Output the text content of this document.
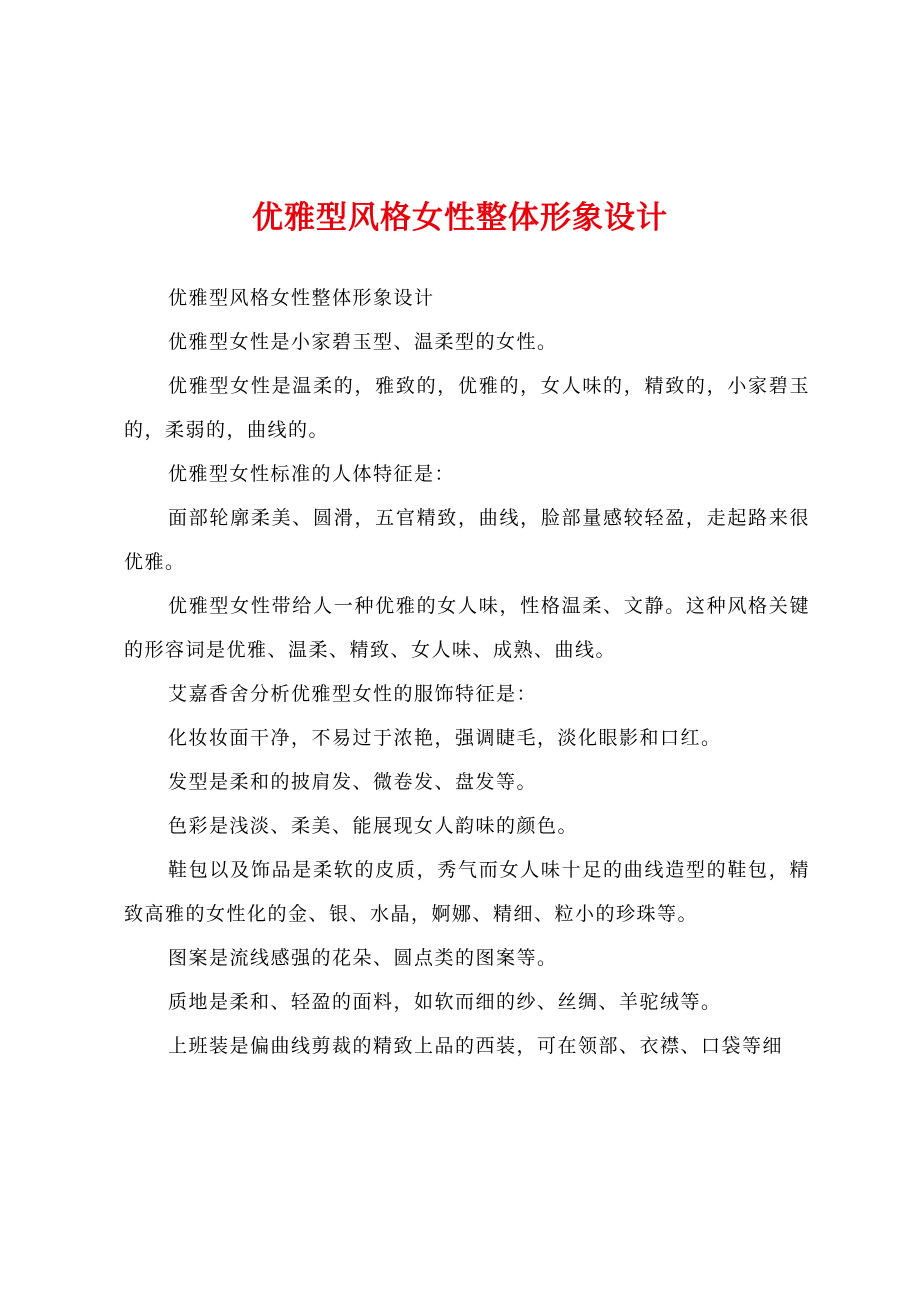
优雅型风格女性整体形象设计

优雅型风格女性整体形象设计

优雅型女性是小家碧玉型、温柔型的女性。

优雅型女性是温柔的，雅致的，优雅的，女人味的，精致的，小家碧玉的，柔弱的，曲线的。

优雅型女性标准的人体特征是：

面部轮廓柔美、圆滑，五官精致，曲线，脸部量感较轻盈，走起路来很优雅。

优雅型女性带给人一种优雅的女人味，性格温柔、文静。这种风格关键的形容词是优雅、温柔、精致、女人味、成熟、曲线。

艾嘉香舍分析优雅型女性的服饰特征是：

化妆妆面干净，不易过于浓艳，强调睫毛，淡化眼影和口红。

发型是柔和的披肩发、微卷发、盘发等。

色彩是浅淡、柔美、能展现女人韵味的颜色。

鞋包以及饰品是柔软的皮质，秀气而女人味十足的曲线造型的鞋包，精致高雅的女性化的金、银、水晶，婀娜、精细、粒小的珍珠等。

图案是流线感强的花朵、圆点类的图案等。

质地是柔和、轻盈的面料，如软而细的纱、丝绸、羊驼绒等。

上班装是偏曲线剪裁的精致上品的西装，可在领部、衣襟、口袋等细
